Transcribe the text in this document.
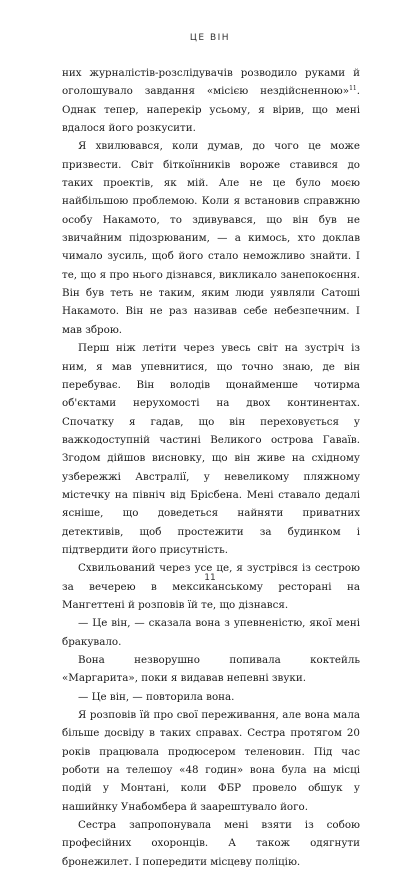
ЦЕ ВІН

них журналістів-розслідувачів розводило руками й оголошувало завдання «місією нездійсненною»$^{11}$. Однак тепер, наперекір усьому, я вірив, що мені вдалося його розкусити.

Я хвилювався, коли думав, до чого це може призвести. Світ біткоїнників вороже ставився до таких проектів, як мій. Але не це було моєю найбільшою проблемою. Коли я встановив справжню особу Накамото, то здивувався, що він був не звичайним підозрюваним, — а кимось, хто доклав чимало зусиль, щоб його стало неможливо знайти. І те, що я про нього дізнався, викликало занепокоєння. Він був теть не таким, яким люди уявляли Сатоші Накамото. Він не раз називав себе небезпечним. І мав зброю.

Перш ніж летіти через увесь світ на зустріч із ним, я мав упевнитися, що точно знаю, де він перебуває. Він володів щонайменше чотирма об'єктами нерухомості на двох континентах. Спочатку я гадав, що він переховується у важкодоступній частині Великого острова Гаваїв. Згодом дійшов висновку, що він живе на східному узбережжі Австралії, у невеликому пляжному містечку на північ від Брісбена. Мені ставало дедалі ясніше, що доведеться найняти приватних детективів, щоб простежити за будинком і підтвердити його присутність.

Схвильований через усе це, я зустрівся із сестрою за вечерею в мексиканському ресторані на Мангеттені й розповів їй те, що дізнався.

— Це він, — сказала вона з упевненістю, якої мені бракувало.

Вона незворушно попивала коктейль «Маргарита», поки я видавав непевні звуки.

— Це він, — повторила вона.

Я розповів їй про свої переживання, але вона мала більше досвіду в таких справах. Сестра протягом 20 років працювала продюсером теленовин. Під час роботи на телешоу «48 годин» вона була на місці подій у Монтані, коли ФБР провело обшук у нашийнку Унабомбера й заарештувало його.

Сестра запропонувала мені взяти із собою професійних охоронців. А також одягнути бронежилет. І попередити місцеву поліцію.

11
